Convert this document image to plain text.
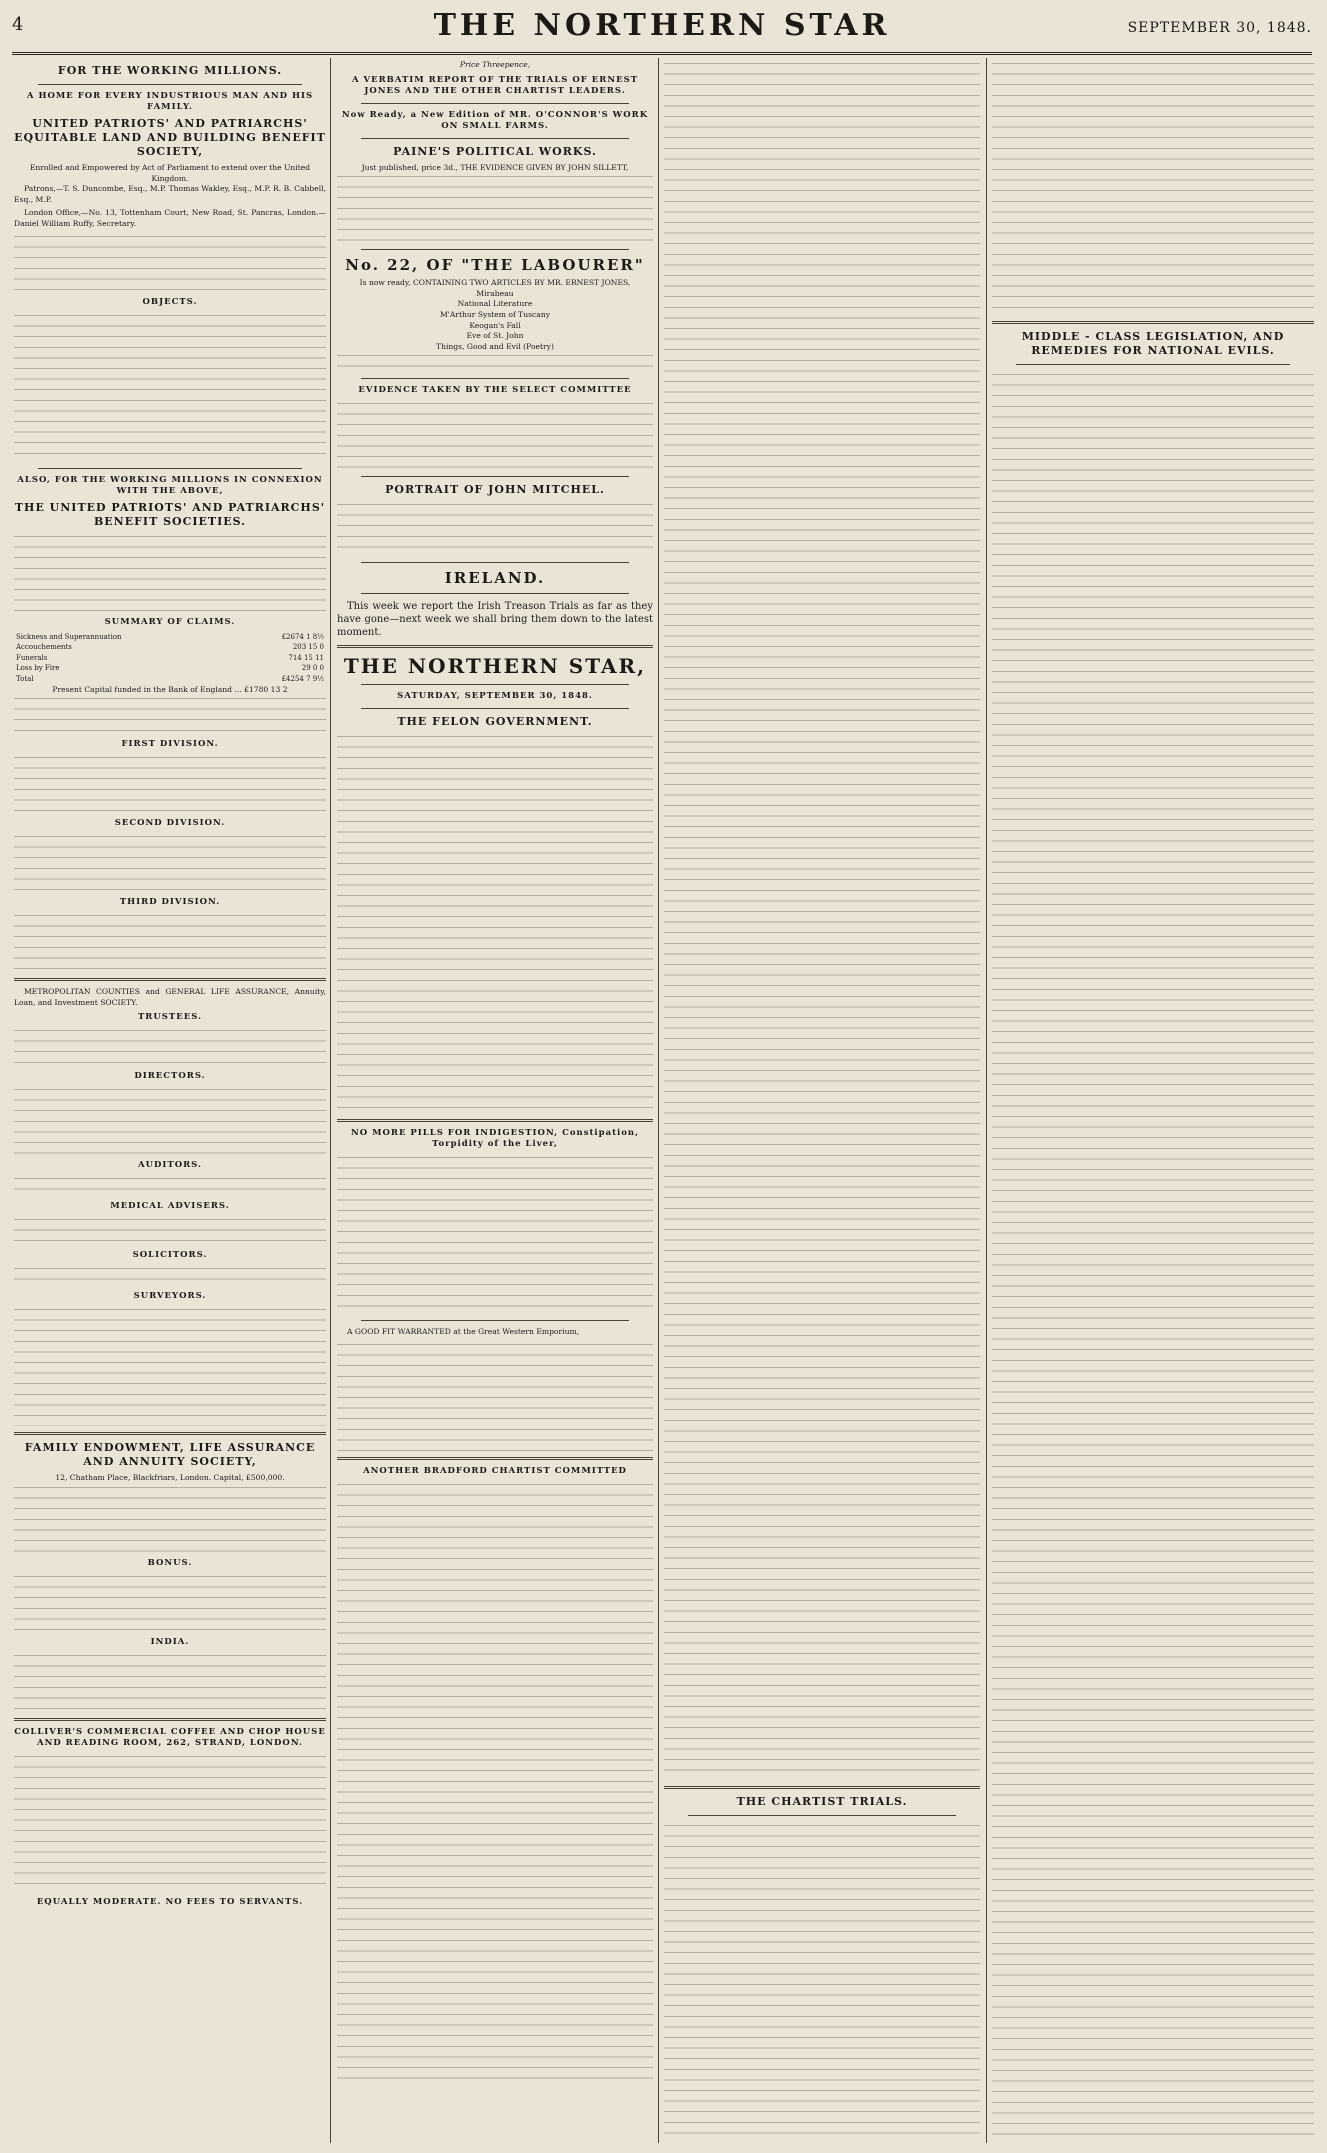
4	THE NORTHERN STAR	SEPTEMBER 30, 1848.
FOR THE WORKING MILLIONS.
A HOME FOR EVERY INDUSTRIOUS MAN AND HIS FAMILY.
UNITED PATRIOTS' AND PATRIARCHS' EQUITABLE LAND AND BUILDING BENEFIT SOCIETY,
Enrolled and Empowered by Act of Parliament to extend over the United Kingdom.

Patrons,—T. S. Duncombe, Esq., M.P. Thomas Wakley, Esq., M.P. R. B. Cabbell, Esq., M.P.

London Office,—No. 13, Tottenham Court, New Road, St. Pancras, London.—Daniel William Ruffy, Secretary.

OBJECTS.
ALSO, FOR THE WORKING MILLIONS IN CONNEXION WITH THE ABOVE,
THE UNITED PATRIOTS' AND PATRIARCHS' BENEFIT SOCIETIES.
SUMMARY OF CLAIMS.
Sickness and Superannuation	£2674 1 8½
Accouchements	203 15 0
Funerals	714 15 11
Loss by Fire	29 0 0
Total	£4254 7 9½
Present Capital funded in the Bank of England ... £1780 13 2
FIRST DIVISION.
SECOND DIVISION.
THIRD DIVISION.

METROPOLITAN COUNTIES and GENERAL LIFE ASSURANCE, Annuity, Loan, and Investment SOCIETY.

TRUSTEES.
DIRECTORS.
AUDITORS.
MEDICAL ADVISERS.
SOLICITORS.
SURVEYORS.
FAMILY ENDOWMENT, LIFE ASSURANCE AND ANNUITY SOCIETY,
12, Chatham Place, Blackfriars, London. Capital, £500,000.
BONUS.
INDIA.
COLLIVER'S COMMERCIAL COFFEE AND CHOP HOUSE AND READING ROOM, 262, STRAND, LONDON.
EQUALLY MODERATE. NO FEES TO SERVANTS.
Price Threepence,
A VERBATIM REPORT OF THE TRIALS OF ERNEST JONES AND THE OTHER CHARTIST LEADERS.
Now Ready, a New Edition of MR. O'CONNOR'S WORK ON SMALL FARMS.
PAINE'S POLITICAL WORKS.
Just published, price 3d., THE EVIDENCE GIVEN BY JOHN SILLETT,
No. 22, OF "THE LABOURER"
Is now ready, CONTAINING TWO ARTICLES BY MR. ERNEST JONES,
Mirabeau
National Literature
M'Arthur System of Tuscany
Keogan's Fall
Eve of St. John
Things, Good and Evil (Poetry)
EVIDENCE TAKEN BY THE SELECT COMMITTEE
PORTRAIT OF JOHN MITCHEL.
IRELAND.

This week we report the Irish Treason Trials as far as they have gone—next week we shall bring them down to the latest moment.

THE NORTHERN STAR,
SATURDAY, SEPTEMBER 30, 1848.
THE FELON GOVERNMENT.
NO MORE PILLS FOR INDIGESTION, Constipation, Torpidity of the Liver,

A GOOD FIT WARRANTED at the Great Western Emporium,

ANOTHER BRADFORD CHARTIST COMMITTED
THE CHARTIST TRIALS.
MIDDLE - CLASS LEGISLATION, AND REMEDIES FOR NATIONAL EVILS.
